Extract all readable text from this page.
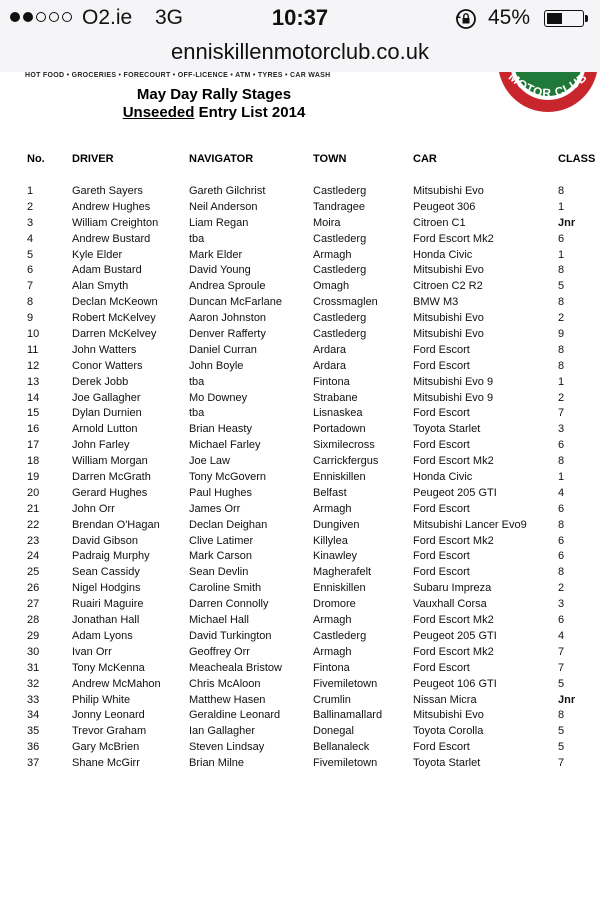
O2.ie 3G	10:37	45%
enniskillenmotorclub.co.uk
HOT FOOD • GROCERIES • FORECOURT • OFF-LICENCE • ATM • TYRES • CAR WASH	MOTOR CLUB
May Day Rally Stages
Unseeded Entry List 2014
No. DRIVER	NAVIGATOR	TOWN	CAR	CLASS
1	Gareth Sayers	Gareth Gilchrist	Castlederg	Mitsubishi Evo	8
2	Andrew Hughes	Neil Anderson	Tandragee	Peugeot 306	1
3	William Creighton	Liam Regan	Moira	Citroen C1	Jnr
4	Andrew Bustard	tba	Castlederg	Ford Escort Mk2	6
5	Kyle Elder	Mark Elder	Armagh	Honda Civic	1
6	Adam Bustard	David Young	Castlederg	Mitsubishi Evo	8
7	Alan Smyth	Andrea Sproule	Omagh	Citroen C2 R2	5
8	Declan McKeown	Duncan McFarlane	Crossmaglen	BMW M3	8
9	Robert McKelvey	Aaron Johnston	Castlederg	Mitsubishi Evo	2
10	Darren McKelvey	Denver Rafferty	Castlederg	Mitsubishi Evo	9
11	John Watters	Daniel Curran	Ardara	Ford Escort	8
12	Conor Watters	John Boyle	Ardara	Ford Escort	8
13	Derek Jobb	tba	Fintona	Mitsubishi Evo 9	1
14	Joe Gallagher	Mo Downey	Strabane	Mitsubishi Evo 9	2
15	Dylan Durnien	tba	Lisnaskea	Ford Escort	7
16	Arnold Lutton	Brian Heasty	Portadown	Toyota Starlet	3
17	John Farley	Michael Farley	Sixmilecross	Ford Escort	6
18	William Morgan	Joe Law	Carrickfergus	Ford Escort Mk2	8
19	Darren McGrath	Tony McGovern	Enniskillen	Honda Civic	1
20	Gerard Hughes	Paul Hughes	Belfast	Peugeot 205 GTI	4
21	John Orr	James Orr	Armagh	Ford Escort	6
22	Brendan O'Hagan	Declan Deighan	Dungiven	Mitsubishi Lancer Evo9	8
23	David Gibson	Clive Latimer	Killylea	Ford Escort Mk2	6
24	Padraig Murphy	Mark Carson	Kinawley	Ford Escort	6
25	Sean Cassidy	Sean Devlin	Magherafelt	Ford Escort	8
26	Nigel Hodgins	Caroline Smith	Enniskillen	Subaru Impreza	2
27	Ruairi Maguire	Darren Connolly	Dromore	Vauxhall Corsa	3
28	Jonathan Hall	Michael Hall	Armagh	Ford Escort Mk2	6
29	Adam Lyons	David Turkington	Castlederg	Peugeot 205 GTI	4
30	Ivan Orr	Geoffrey Orr	Armagh	Ford Escort Mk2	7
31	Tony McKenna	Meacheala Bristow	Fintona	Ford Escort	7
32	Andrew McMahon	Chris McAloon	Fivemiletown	Peugeot 106 GTI	5
33	Philip White	Matthew Hasen	Crumlin	Nissan Micra	Jnr
34	Jonny Leonard	Geraldine Leonard	Ballinamallard	Mitsubishi Evo	8
35	Trevor Graham	Ian Gallagher	Donegal	Toyota Corolla	5
36	Gary McBrien	Steven Lindsay	Bellanaleck	Ford Escort	5
37	Shane McGirr	Brian Milne	Fivemiletown	Toyota Starlet	7
